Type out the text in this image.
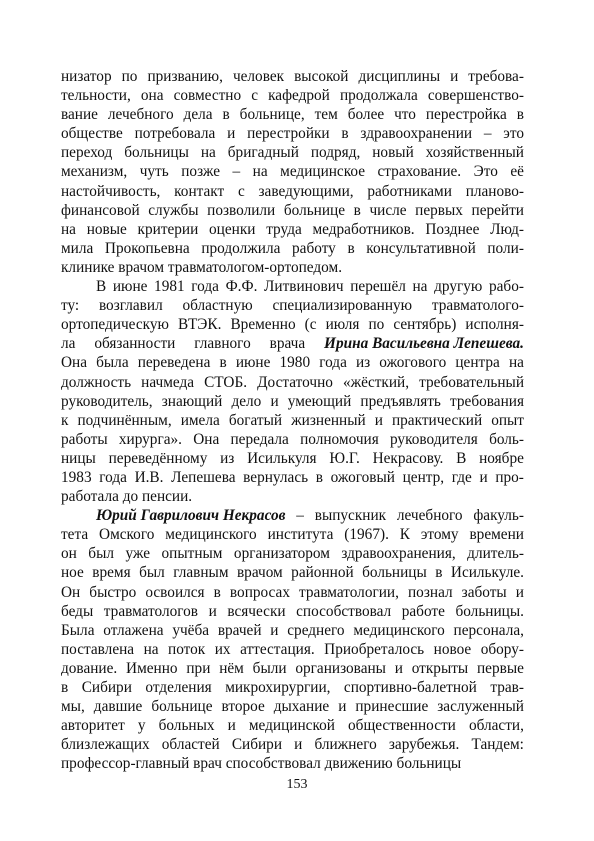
низатор по призванию, человек высокой дисциплины и требова-
тельности, она совместно с кафедрой продолжала совершенство-
вание лечебного дела в больнице, тем более что перестройка в
обществе потребовала и перестройки в здравоохранении – это
переход больницы на бригадный подряд, новый хозяйственный
механизм, чуть позже – на медицинское страхование. Это её
настойчивость, контакт с заведующими, работниками планово-
финансовой службы позволили больнице в числе первых перейти
на новые критерии оценки труда медработников. Позднее Люд-
мила Прокопьевна продолжила работу в консультативной поли-
клинике врачом травматологом-ортопедом.
В июне 1981 года Ф.Ф. Литвинович перешёл на другую рабо-
ту: возглавил областную специализированную травматолого-
ортопедическую ВТЭК. Временно (с июля по сентябрь) исполня-
ла обязанности главного врача Ирина Васильевна Лепешева.
Она была переведена в июне 1980 года из ожогового центра на
должность начмеда СТОБ. Достаточно «жёсткий, требовательный
руководитель, знающий дело и умеющий предъявлять требования
к подчинённым, имела богатый жизненный и практический опыт
работы хирурга». Она передала полномочия руководителя боль-
ницы переведённому из Исилькуля Ю.Г. Некрасову. В ноябре
1983 года И.В. Лепешева вернулась в ожоговый центр, где и про-
работала до пенсии.
Юрий Гаврилович Некрасов – выпускник лечебного факуль-
тета Омского медицинского института (1967). К этому времени
он был уже опытным организатором здравоохранения, длитель-
ное время был главным врачом районной больницы в Исилькуле.
Он быстро освоился в вопросах травматологии, познал заботы и
беды травматологов и всячески способствовал работе больницы.
Была отлажена учёба врачей и среднего медицинского персонала,
поставлена на поток их аттестация. Приобреталось новое обору-
дование. Именно при нём были организованы и открыты первые
в Сибири отделения микрохирургии, спортивно-балетной трав-
мы, давшие больнице второе дыхание и принесшие заслуженный
авторитет у больных и медицинской общественности области,
близлежащих областей Сибири и ближнего зарубежья. Тандем:
профессор-главный врач способствовал движению больницы
153
